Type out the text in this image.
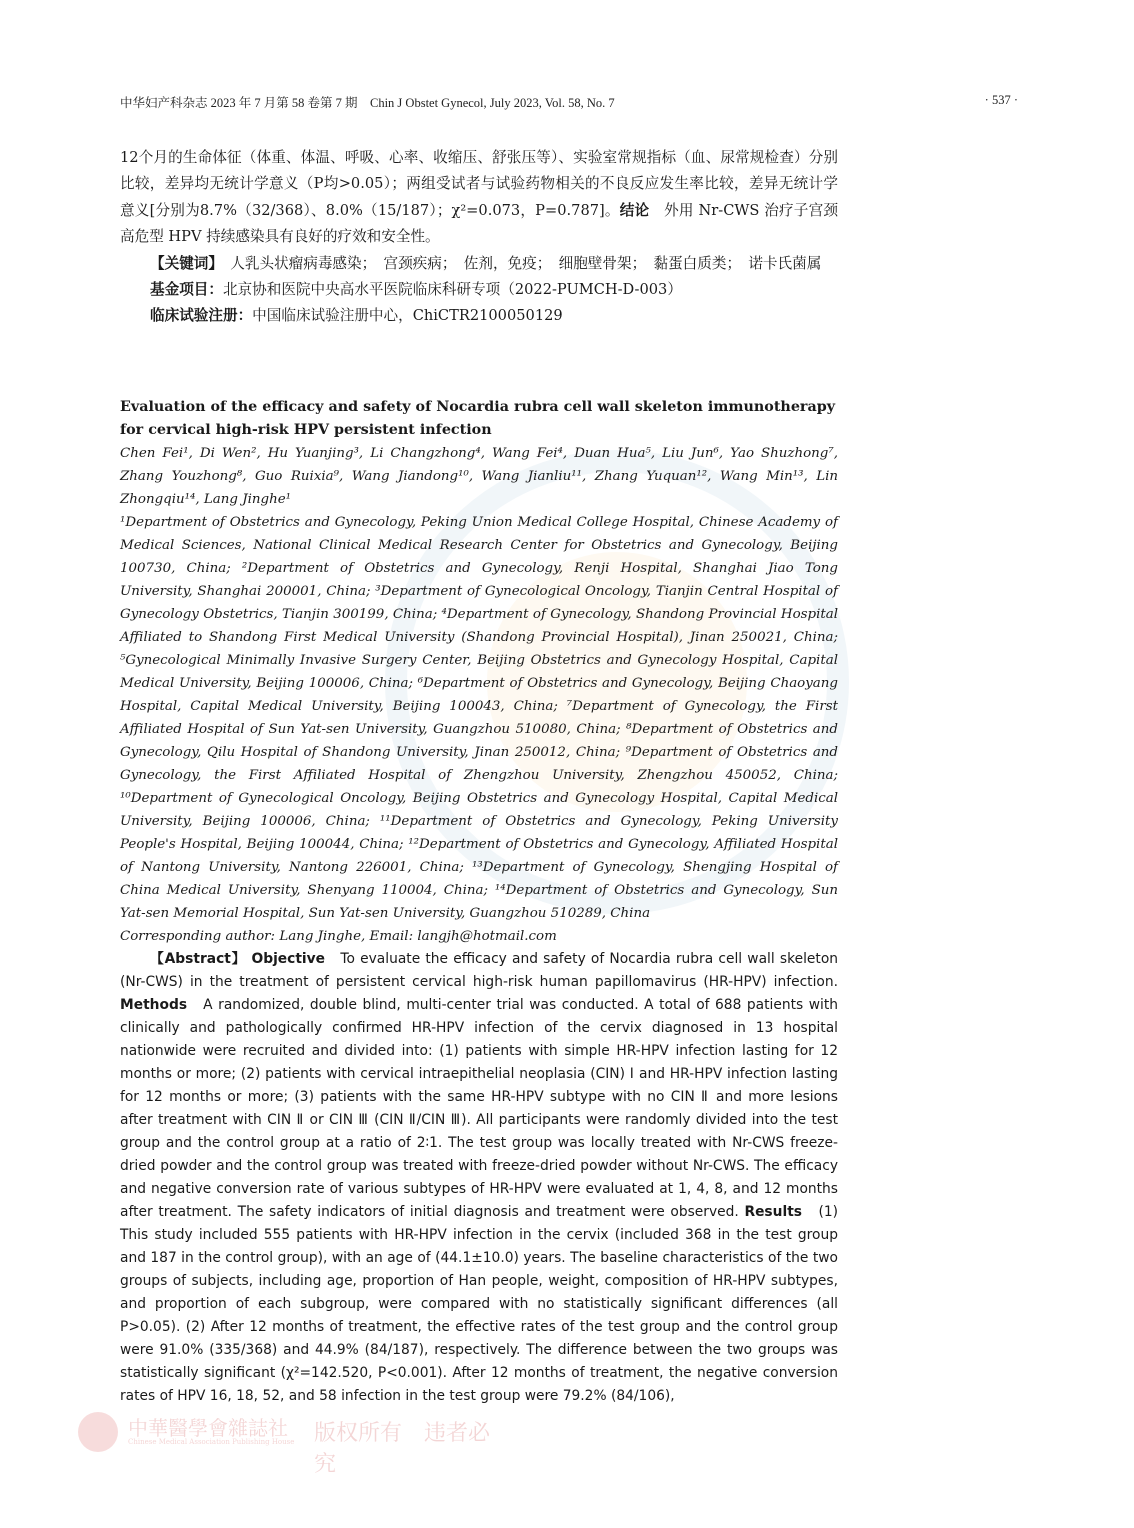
中华妇产科杂志 2023 年 7 月第 58 卷第 7 期　Chin J Obstet Gynecol, July 2023, Vol. 58, No. 7	· 537 ·

12个月的生命体征（体重、体温、呼吸、心率、收缩压、舒张压等）、实验室常规指标（血、尿常规检查）分别比较，差异均无统计学意义（P均>0.05）；两组受试者与试验药物相关的不良反应发生率比较，差异无统计学意义[分别为8.7%（32/368）、8.0%（15/187）；χ²=0.073，P=0.787]。结论　外用 Nr-CWS 治疗子宫颈高危型 HPV 持续感染具有良好的疗效和安全性。

【关键词】　人乳头状瘤病毒感染；　宫颈疾病；　佐剂，免疫；　细胞壁骨架；　黏蛋白质类；　诺卡氏菌属

基金项目：北京协和医院中央高水平医院临床科研专项（2022-PUMCH-D-003）

临床试验注册：中国临床试验注册中心，ChiCTR2100050129

Evaluation of the efficacy and safety of Nocardia rubra cell wall skeleton immunotherapy for cervical high-risk HPV persistent infection

Chen Fei¹, Di Wen², Hu Yuanjing³, Li Changzhong⁴, Wang Fei⁴, Duan Hua⁵, Liu Jun⁶, Yao Shuzhong⁷, Zhang Youzhong⁸, Guo Ruixia⁹, Wang Jiandong¹⁰, Wang Jianliu¹¹, Zhang Yuquan¹², Wang Min¹³, Lin Zhongqiu¹⁴, Lang Jinghe¹

¹Department of Obstetrics and Gynecology, Peking Union Medical College Hospital, Chinese Academy of Medical Sciences, National Clinical Medical Research Center for Obstetrics and Gynecology, Beijing 100730, China; ²Department of Obstetrics and Gynecology, Renji Hospital, Shanghai Jiao Tong University, Shanghai 200001, China; ³Department of Gynecological Oncology, Tianjin Central Hospital of Gynecology Obstetrics, Tianjin 300199, China; ⁴Department of Gynecology, Shandong Provincial Hospital Affiliated to Shandong First Medical University (Shandong Provincial Hospital), Jinan 250021, China; ⁵Gynecological Minimally Invasive Surgery Center, Beijing Obstetrics and Gynecology Hospital, Capital Medical University, Beijing 100006, China; ⁶Department of Obstetrics and Gynecology, Beijing Chaoyang Hospital, Capital Medical University, Beijing 100043, China; ⁷Department of Gynecology, the First Affiliated Hospital of Sun Yat-sen University, Guangzhou 510080, China; ⁸Department of Obstetrics and Gynecology, Qilu Hospital of Shandong University, Jinan 250012, China; ⁹Department of Obstetrics and Gynecology, the First Affiliated Hospital of Zhengzhou University, Zhengzhou 450052, China; ¹⁰Department of Gynecological Oncology, Beijing Obstetrics and Gynecology Hospital, Capital Medical University, Beijing 100006, China; ¹¹Department of Obstetrics and Gynecology, Peking University People's Hospital, Beijing 100044, China; ¹²Department of Obstetrics and Gynecology, Affiliated Hospital of Nantong University, Nantong 226001, China; ¹³Department of Gynecology, Shengjing Hospital of China Medical University, Shenyang 110004, China; ¹⁴Department of Obstetrics and Gynecology, Sun Yat-sen Memorial Hospital, Sun Yat-sen University, Guangzhou 510289, China

Corresponding author: Lang Jinghe, Email: langjh@hotmail.com

【Abstract】 Objective　To evaluate the efficacy and safety of Nocardia rubra cell wall skeleton (Nr-CWS) in the treatment of persistent cervical high-risk human papillomavirus (HR-HPV) infection. Methods　A randomized, double blind, multi-center trial was conducted. A total of 688 patients with clinically and pathologically confirmed HR-HPV infection of the cervix diagnosed in 13 hospital nationwide were recruited and divided into: (1) patients with simple HR-HPV infection lasting for 12 months or more; (2) patients with cervical intraepithelial neoplasia (CIN) Ⅰ and HR-HPV infection lasting for 12 months or more; (3) patients with the same HR-HPV subtype with no CIN Ⅱ and more lesions after treatment with CIN Ⅱ or CIN Ⅲ (CIN Ⅱ/CIN Ⅲ). All participants were randomly divided into the test group and the control group at a ratio of 2∶1. The test group was locally treated with Nr-CWS freeze-dried powder and the control group was treated with freeze-dried powder without Nr-CWS. The efficacy and negative conversion rate of various subtypes of HR-HPV were evaluated at 1, 4, 8, and 12 months after treatment. The safety indicators of initial diagnosis and treatment were observed. Results　(1) This study included 555 patients with HR-HPV infection in the cervix (included 368 in the test group and 187 in the control group), with an age of (44.1±10.0) years. The baseline characteristics of the two groups of subjects, including age, proportion of Han people, weight, composition of HR-HPV subtypes, and proportion of each subgroup, were compared with no statistically significant differences (all P>0.05). (2) After 12 months of treatment, the effective rates of the test group and the control group were 91.0% (335/368) and 44.9% (84/187), respectively. The difference between the two groups was statistically significant (χ²=142.520, P<0.001). After 12 months of treatment, the negative conversion rates of HPV 16, 18, 52, and 58 infection in the test group were 79.2% (84/106),

中華醫學會雜誌社
Chinese Medical Association Publishing House 版权所有　违者必究
